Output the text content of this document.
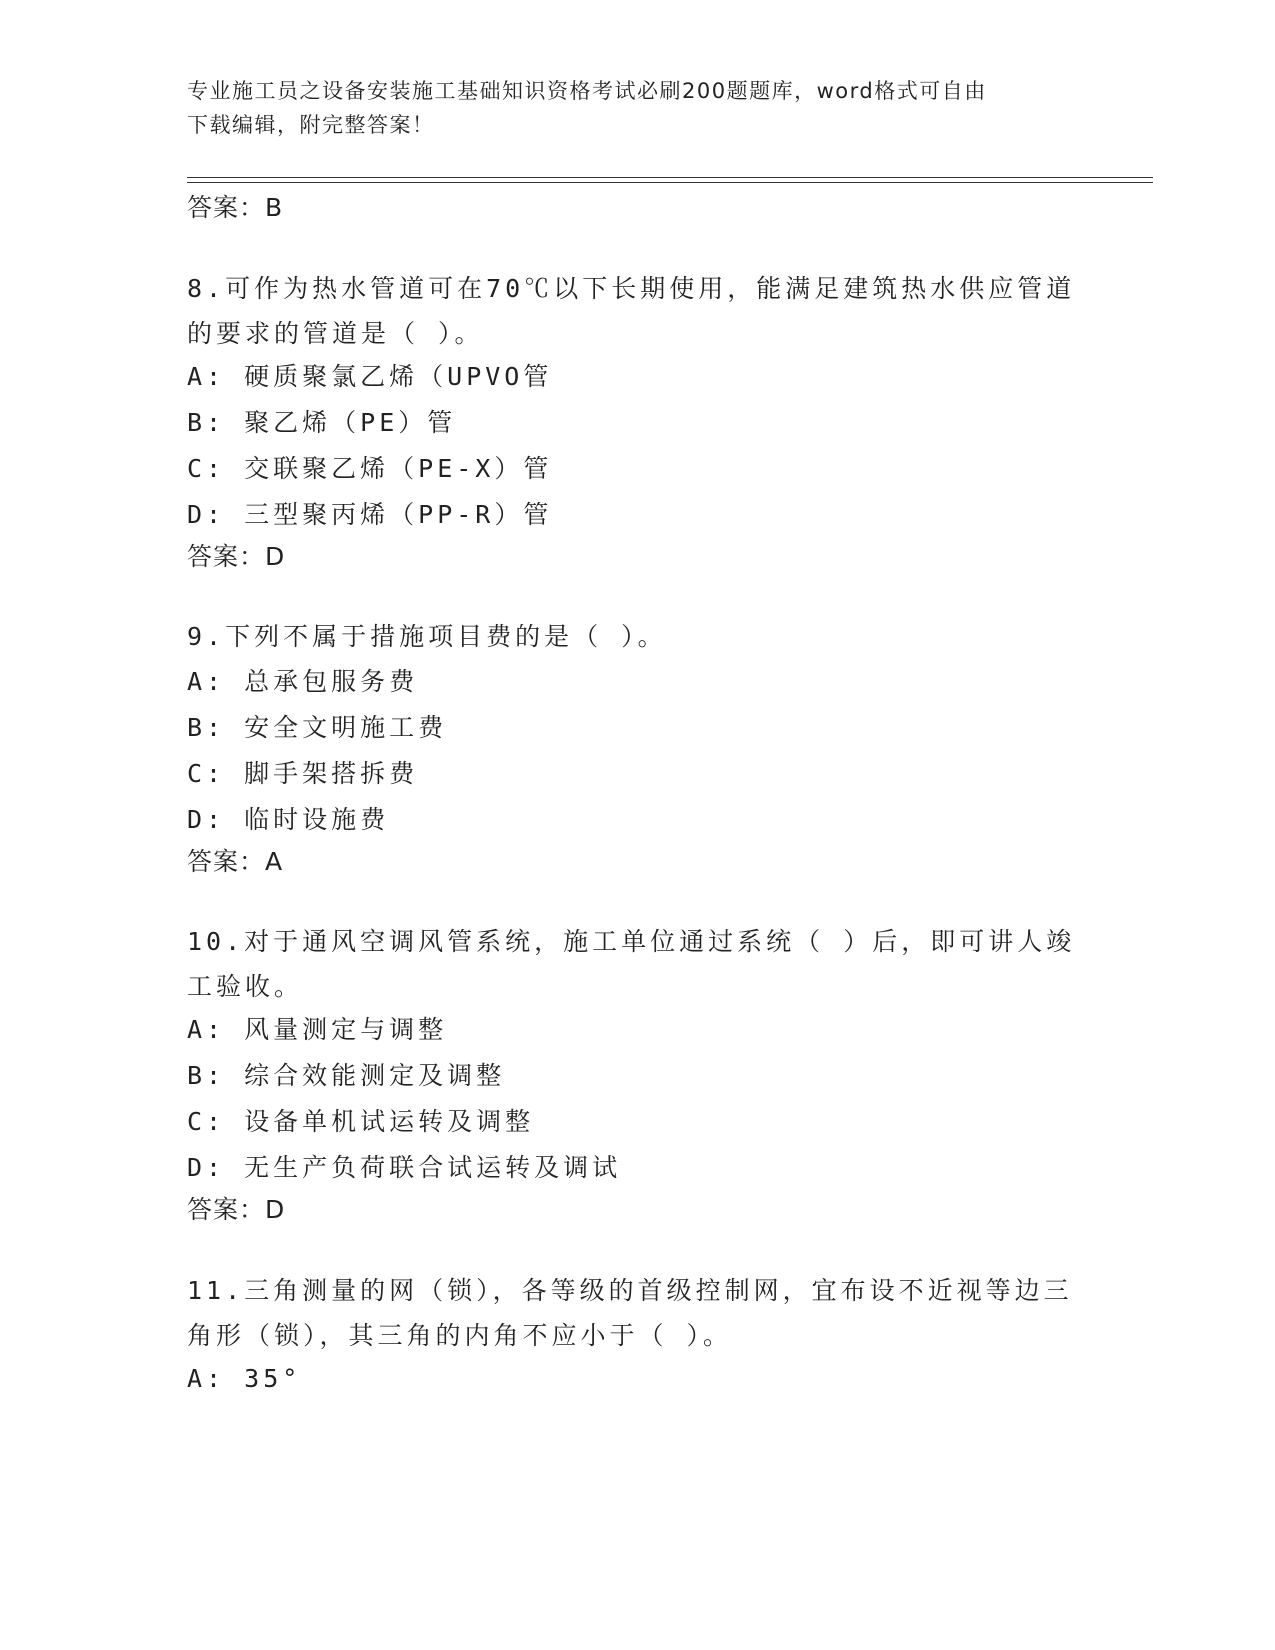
专业施工员之设备安装施工基础知识资格考试必刷200题题库，word格式可自由
下载编辑，附完整答案！
答案：B
8.可作为热水管道可在70℃以下长期使用，能满足建筑热水供应管道
的要求的管道是（ ）。
A: 硬质聚氯乙烯（UPVO管
B: 聚乙烯（PE）管
C: 交联聚乙烯（PE-X）管
D: 三型聚丙烯（PP-R）管
答案：D
9.下列不属于措施项目费的是（ ）。
A: 总承包服务费
B: 安全文明施工费
C: 脚手架搭拆费
D: 临时设施费
答案：A
10.对于通风空调风管系统，施工单位通过系统（ ）后，即可讲人竣
工验收。
A: 风量测定与调整
B: 综合效能测定及调整
C: 设备单机试运转及调整
D: 无生产负荷联合试运转及调试
答案：D
11.三角测量的网（锁），各等级的首级控制网，宜布设不近视等边三
角形（锁），其三角的内角不应小于（ ）。
A: 35°
